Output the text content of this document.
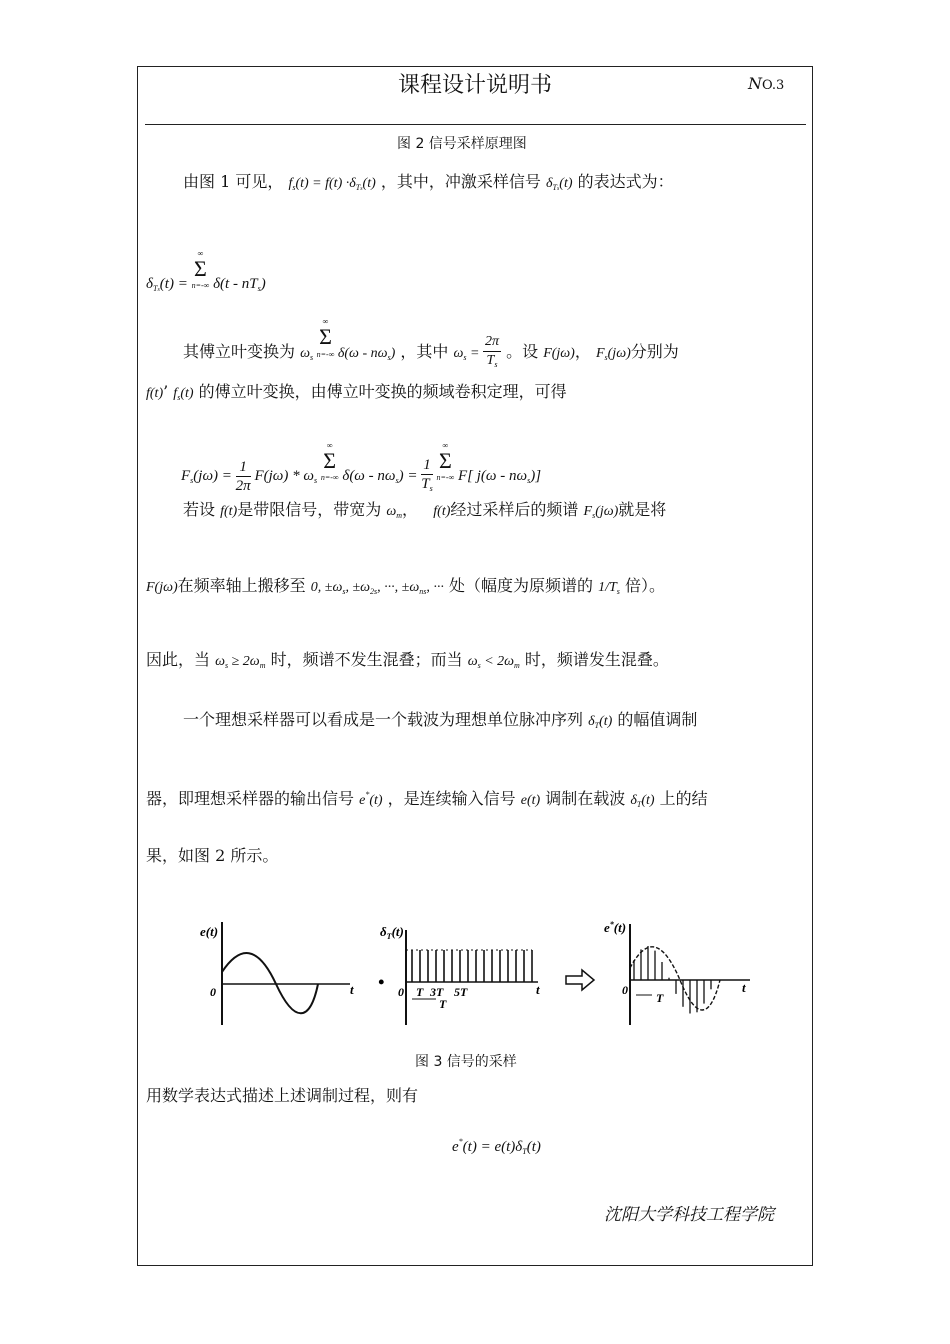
课程设计说明书	NO.3
图 2 信号采样原理图
由图 1 可见， $f_s(t) = f(t) \cdot\delta_{Ts}(t)$ ，其中，冲激采样信号 $\delta_{Ts}(t)$ 的表达式为：
$\delta_{Ts}(t)$ =
∞
Σ
n=-∞ $\delta(t - nT_s)$
其傅立叶变换为 $\omega_s$
∞
Σ
n=-∞ $\delta(\omega - n\omega_s)$ ，其中 $\omega_s = \frac{2\pi}{T_s}$ 。设 F(jω)， $F_s(j\omega)$分别为
f(t)’ $f_s(t)$ 的傅立叶变换，由傅立叶变换的频域卷积定理，可得
$F_s(j\omega) = \frac{1}{2\pi} F(j\omega) * \omega_s$
∞
Σ
n=-∞ $\delta(\omega - n\omega_s) = \frac{1}{T_s}$

∞
Σ
n=-∞ F[ $j(\omega - n\omega_s)$]
若设 f(t)是带限信号，带宽为 $\omega_m$， f(t)经过采样后的频谱 $F_s(j\omega)$就是将
F(jω)在频率轴上搬移至 0, $\pm\omega_s$, $\pm\omega_{2s}$, ···, $\pm\omega_{ns}$, ··· 处（幅度为原频谱的 $1/T_s$ 倍）。
因此，当 $\omega_s \ge 2\omega_m$ 时，频谱不发生混叠；而当 $\omega_s < 2\omega_m$ 时，频谱发生混叠。
一个理想采样器可以看成是一个载波为理想单位脉冲序列 $\delta_T(t)$ 的幅值调制
器，即理想采样器的输出信号 e*(t) ，是连续输入信号 e(t) 调制在载波 $\delta_T(t)$ 上的结
果，如图 2 所示。
e(t)
0	t •
$\delta_T(t)$
0 T 3T 5T
T
t
e*(t)
0
T
t
图 3 信号的采样
用数学表达式描述上述调制过程，则有
$e^*(t) = e(t)\delta_T(t)$
沈阳大学科技工程学院
